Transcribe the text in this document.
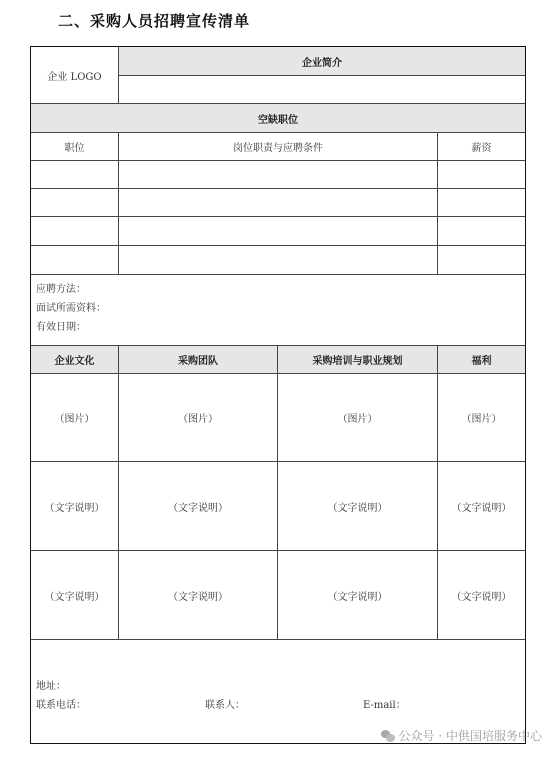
二、采购人员招聘宣传清单
企业 LOGO
企业简介
空缺职位
职位	岗位职责与应聘条件	薪资
应聘方法：
面试所需资料：
有效日期：
企业文化	采购团队	采购培训与职业规划	福利
（图片）	（图片）	（图片）	（图片）
（文字说明）	（文字说明）	（文字说明）	（文字说明）
（文字说明）	（文字说明）	（文字说明）	（文字说明）
地址：
联系电话：	联系人：	E-mail：
公众号 · 中供国培服务中心
